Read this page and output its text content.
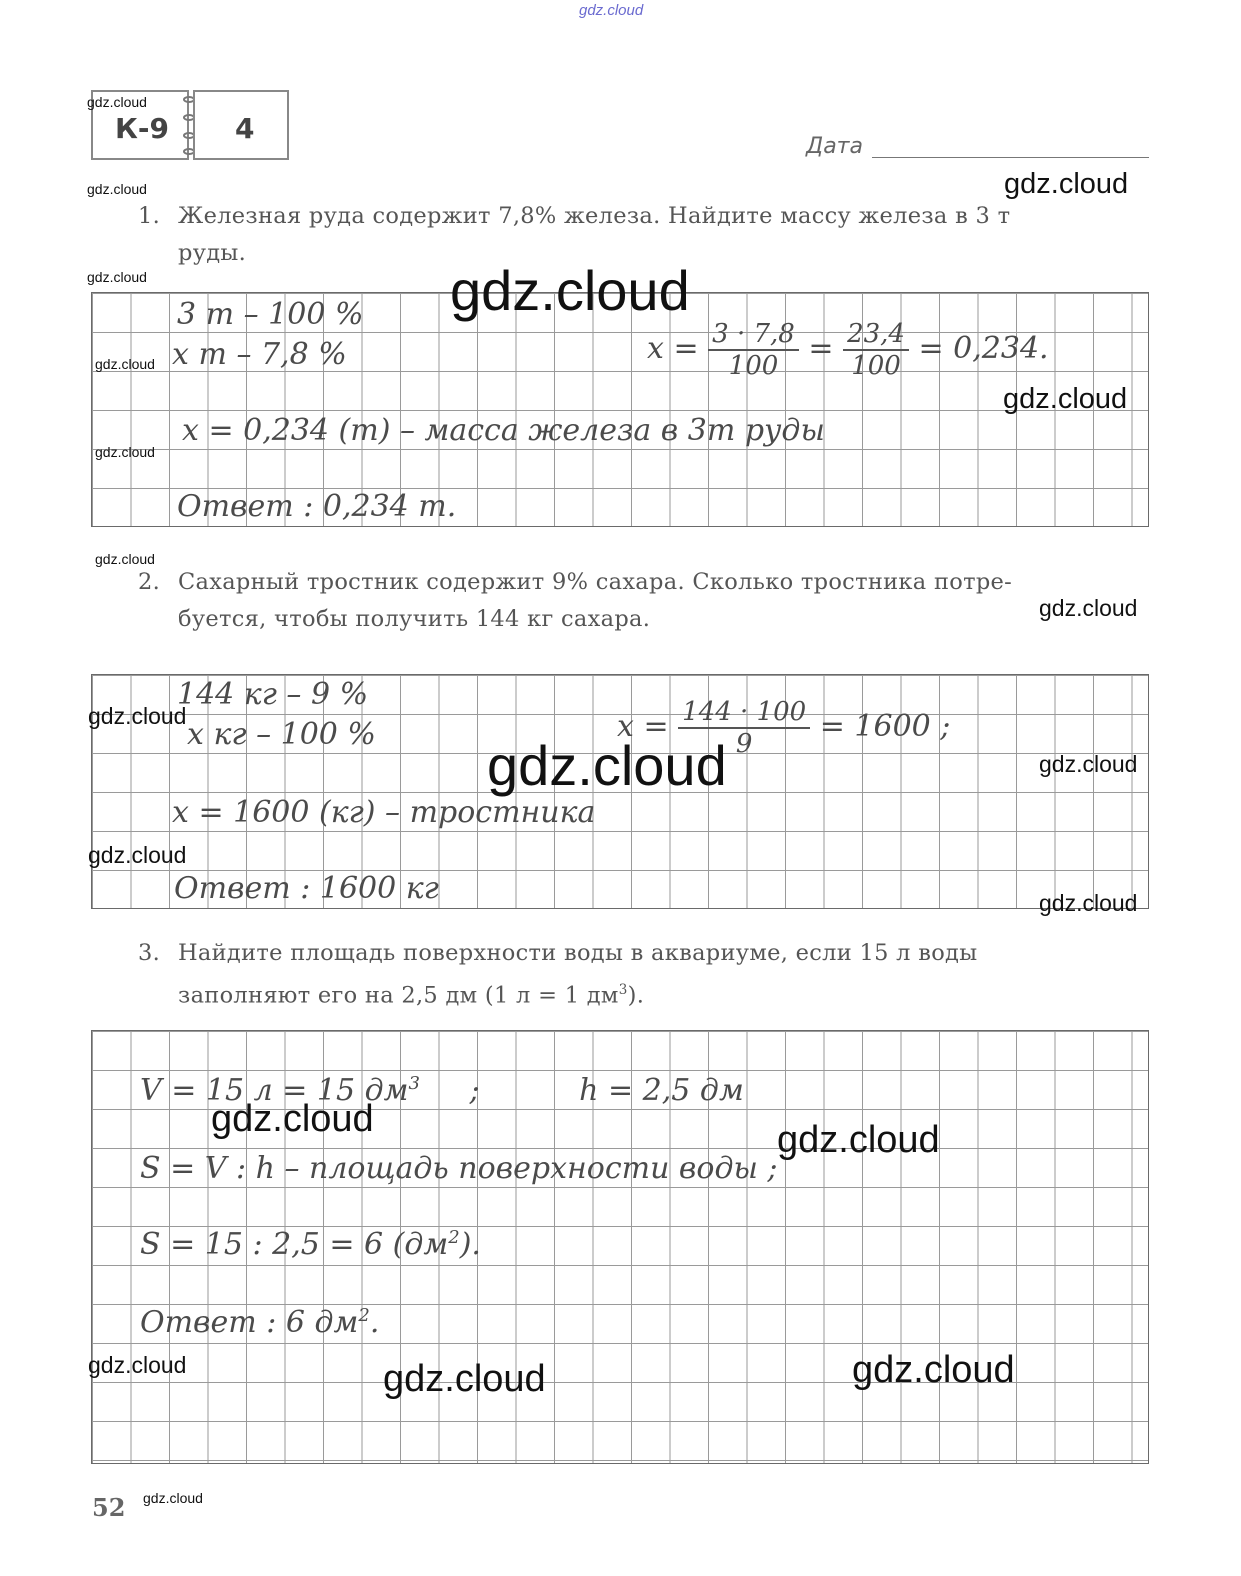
gdz.cloud
К-9 4
Дата
1. Железная руда содержит 7,8% железа. Найдите массу железа в 3 т
руды.
3 т – 100 %
х т – 7,8 %	$х = \frac{3 \cdot 7,8}{100} = \frac{23,4}{100} = 0,234$.
х = 0,234 (т) – масса железа в 3т руды
Ответ : 0,234 т.
2. Сахарный тростник содержит 9% сахара. Сколько тростника потре-
буется, чтобы получить 144 кг сахара.
144 кг – 9 %
х кг – 100 %	$х = \frac{144 \cdot 100}{9} = 1600$ ;
х = 1600 (кг) – тростника
Ответ : 1600 кг
3. Найдите площадь поверхности воды в аквариуме, если 15 л воды
заполняют его на 2,5 дм (1 л = 1 $дм^3$).
V = 15 л = 15 $дм^3$ ;	h = 2,5 дм
S = V : h – площадь поверхности воды ;
S = 15 : 2,5 = 6 $(дм^2)$.
Ответ : 6 $дм^2$.
52
gdz.cloud
gdz.cloud
gdz.cloud
gdz.cloud
gdz.cloud
gdz.cloud
gdz.cloud
gdz.cloud
gdz.cloud
gdz.cloud
gdz.cloud
gdz.cloud
gdz.cloud
gdz.cloud
gdz.cloud
gdz.cloud	gdz.cloud
gdz.cloud	gdz.cloud
gdz.cloud
gdz.cloud
